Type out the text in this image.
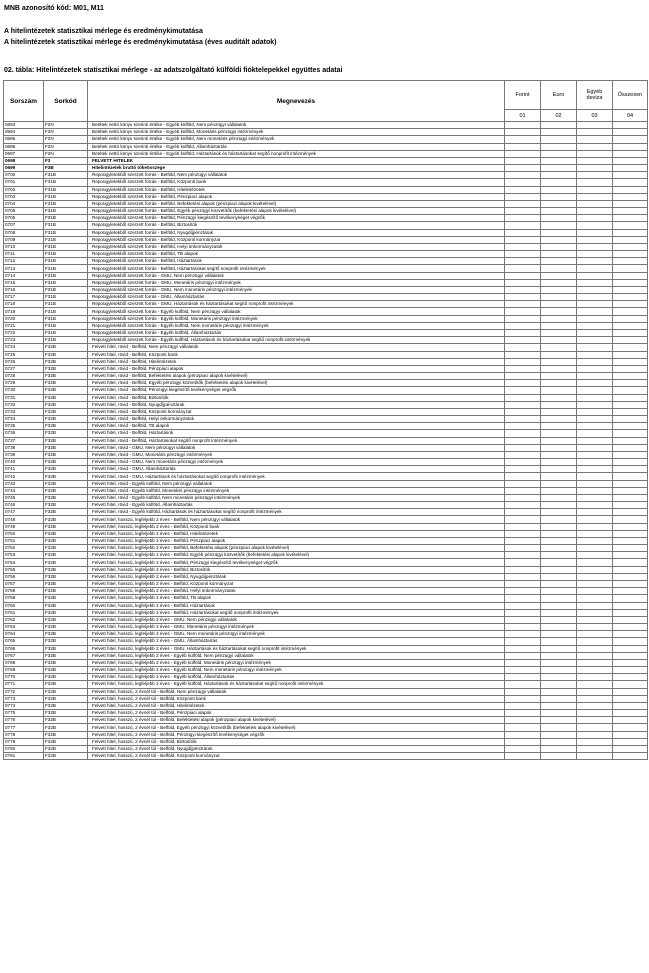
MNB azonosító kód: M01, M11
A hitelintézetek statisztikai mérlege és eredménykimutatása
A hitelintézetek statisztikai mérlege és eredménykimutatása (éves auditált adatok)
02. tábla: Hitelintézetek statisztikai mérlege - az adatszolgáltató külföldi fióktelepekkel együttes adatai
Sorszám	Sorkód	Megnevezés	Forint	Euro	Egyéb deviza	Összesen
			01	02	03	04
0693	F2N	Betétek nettó könyv szerinti értéke - Egyéb külföld, Nem pénzügyi vállalatok				
0694	F2N	Betétek nettó könyv szerinti értéke - Egyéb külföld, Monetáris pénzügyi intézmények				
0695	F2N	Betétek nettó könyv szerinti értéke - Egyéb külföld, Nem monetáris pénzügyi intézmények				
0696	F2N	Betétek nettó könyv szerinti értéke - Egyéb külföld, Államháztartás				
0697	F2N	Betétek nettó könyv szerinti értéke - Egyéb külföld, Háztartások és háztartásokat segítő nonprofit intézmények				
0698	F3	FELVETT HITELEK				
0699	F3B	Hitelintézetek bruttó tőkeösszege				
0700	F31B	Repoügyletekből szerzett forrás - Belföld, Nem pénzügyi vállalatok				
0701	F31B	Repoügyletekből szerzett forrás - Belföld, Központi bank				
0702	F31B	Repoügyletekből szerzett forrás - Belföld, Hitelintézetek				
0703	F31B	Repoügyletekből szerzett forrás - Belföld, Pénzpiaci alapok				
0704	F31B	Repoügyletekből szerzett forrás - Belföld, Befektetési alapok (pénzpiaci alapok kivételével)				
0705	F31B	Repoügyletekből szerzett forrás - Belföld, Egyéb pénzügyi közvetítők (befektetési alapok kivételével)				
0706	F31B	Repoügyletekből szerzett forrás - Belföld, Pénzügyi kiegészítő tevékenységet végzők				
0707	F31B	Repoügyletekből szerzett forrás - Belföld, Biztosítók				
0708	F31B	Repoügyletekből szerzett forrás - Belföld, Nyugdíjpénztárak				
0709	F31B	Repoügyletekből szerzett forrás - Belföld, Központi kormányzat				
0710	F31B	Repoügyletekből szerzett forrás - Belföld, Helyi önkormányzatok				
0711	F31B	Repoügyletekből szerzett forrás - Belföld, TB alapok				
0712	F31B	Repoügyletekből szerzett forrás - Belföld, Háztartások				
0713	F31B	Repoügyletekből szerzett forrás - Belföld, Háztartásokat segítő nonprofit intézmények				
0714	F31B	Repoügyletekből szerzett forrás - GMU, Nem pénzügyi vállalatok				
0715	F31B	Repoügyletekből szerzett forrás - GMU, Monetáris pénzügyi intézmények				
0716	F31B	Repoügyletekből szerzett forrás - GMU, Nem monetáris pénzügyi intézmények				
0717	F31B	Repoügyletekből szerzett forrás - GMU, Államháztartás				
0718	F31B	Repoügyletekből szerzett forrás - GMU, Háztartások és háztartásokat segítő nonprofit intézmények				
0719	F31B	Repoügyletekből szerzett forrás - Egyéb külföld, Nem pénzügyi vállalatok				
0720	F31B	Repoügyletekből szerzett forrás - Egyéb külföld, Monetáris pénzügyi intézmények				
0721	F31B	Repoügyletekből szerzett forrás - Egyéb külföld, Nem monetáris pénzügyi intézmények				
0722	F31B	Repoügyletekből szerzett forrás - Egyéb külföld, Államháztartás				
0723	F31B	Repoügyletekből szerzett forrás - Egyéb külföld, Háztartások és háztartásokat segítő nonprofit intézmények				
0724	F32B	Felvett hitel, rövid - Belföld, Nem pénzügyi vállalatok				
0725	F32B	Felvett hitel, rövid - Belföld, Központi bank				
0726	F32B	Felvett hitel, rövid - Belföld, Hitelintézetek				
0727	F32B	Felvett hitel, rövid - Belföld, Pénzpiaci alapok				
0728	F32B	Felvett hitel, rövid - Belföld, Befektetési alapok (pénzpiaci alapok kivételével)				
0729	F32B	Felvett hitel, rövid - Belföld, Egyéb pénzügyi közvetítők (befektetési alapok kivételével)				
0730	F32B	Felvett hitel, rövid - Belföld, Pénzügyi kiegészítő tevékenységet végzők				
0731	F32B	Felvett hitel, rövid - Belföld, Biztosítók				
0732	F32B	Felvett hitel, rövid - Belföld, Nyugdíjpénztárak				
0733	F32B	Felvett hitel, rövid - Belföld, Központi kormányzat				
0734	F32B	Felvett hitel, rövid - Belföld, Helyi önkormányzatok				
0735	F32B	Felvett hitel, rövid - Belföld, TB alapok				
0736	F32B	Felvett hitel, rövid - Belföld, Háztartások				
0737	F32B	Felvett hitel, rövid - Belföld, Háztartásokat segítő nonprofit intézmények				
0738	F32B	Felvett hitel, rövid - GMU, Nem pénzügyi vállalatok				
0739	F32B	Felvett hitel, rövid - GMU, Monetáris pénzügyi intézmények				
0740	F32B	Felvett hitel, rövid - GMU, Nem monetáris pénzügyi intézmények				
0741	F32B	Felvett hitel, rövid - GMU, Államháztartás				
0742	F32B	Felvett hitel, rövid - GMU, Háztartások és háztartásokat segítő nonprofit intézmények				
0743	F32B	Felvett hitel, rövid - Egyéb külföld, Nem pénzügyi vállalatok				
0744	F32B	Felvett hitel, rövid - Egyéb külföld, Monetáris pénzügyi intézmények				
0745	F32B	Felvett hitel, rövid - Egyéb külföld, Nem monetáris pénzügyi intézmények				
0746	F32B	Felvett hitel, rövid - Egyéb külföld, Államháztartás				
0747	F32B	Felvett hitel, rövid - Egyéb külföld, Háztartások és háztartásokat segítő nonprofit intézmények				
0748	F32B	Felvett hitel, hosszú, legfeljebb 2 éves - Belföld, Nem pénzügyi vállalatok				
0749	F32B	Felvett hitel, hosszú, legfeljebb 2 éves - Belföld, Központi bank				
0750	F32B	Felvett hitel, hosszú, legfeljebb 2 éves - Belföld, Hitelintézetek				
0751	F32B	Felvett hitel, hosszú, legfeljebb 2 éves - Belföld, Pénzpiaci alapok				
0752	F32B	Felvett hitel, hosszú, legfeljebb 2 éves - Belföld, Befektetési alapok (pénzpiaci alapok kivételével)				
0753	F32B	Felvett hitel, hosszú, legfeljebb 2 éves - Belföld, Egyéb pénzügyi közvetítők (befektetési alapok kivételével)				
0754	F32B	Felvett hitel, hosszú, legfeljebb 2 éves - Belföld, Pénzügyi kiegészítő tevékenységet végzők				
0755	F32B	Felvett hitel, hosszú, legfeljebb 2 éves - Belföld, Biztosítók				
0756	F32B	Felvett hitel, hosszú, legfeljebb 2 éves - Belföld, Nyugdíjpénztárak				
0757	F32B	Felvett hitel, hosszú, legfeljebb 2 éves - Belföld, Központi kormányzat				
0758	F32B	Felvett hitel, hosszú, legfeljebb 2 éves - Belföld, Helyi önkormányzatok				
0759	F32B	Felvett hitel, hosszú, legfeljebb 2 éves - Belföld, TB alapok				
0760	F32B	Felvett hitel, hosszú, legfeljebb 2 éves - Belföld, Háztartások				
0761	F32B	Felvett hitel, hosszú, legfeljebb 2 éves - Belföld, Háztartásokat segítő nonprofit intézmények				
0762	F32B	Felvett hitel, hosszú, legfeljebb 2 éves - GMU, Nem pénzügyi vállalatok				
0763	F32B	Felvett hitel, hosszú, legfeljebb 2 éves - GMU, Monetáris pénzügyi intézmények				
0764	F32B	Felvett hitel, hosszú, legfeljebb 2 éves - GMU, Nem monetáris pénzügyi intézmények				
0765	F32B	Felvett hitel, hosszú, legfeljebb 2 éves - GMU, Államháztartás				
0766	F32B	Felvett hitel, hosszú, legfeljebb 2 éves - GMU, Háztartások és háztartásokat segítő nonprofit intézmények				
0767	F32B	Felvett hitel, hosszú, legfeljebb 2 éves - Egyéb külföld, Nem pénzügyi vállalatok				
0768	F32B	Felvett hitel, hosszú, legfeljebb 2 éves - Egyéb külföld, Monetáris pénzügyi intézmények				
0769	F32B	Felvett hitel, hosszú, legfeljebb 2 éves - Egyéb külföld, Nem monetáris pénzügyi intézmények				
0770	F32B	Felvett hitel, hosszú, legfeljebb 2 éves - Egyéb külföld, Államháztartás				
0771	F32B	Felvett hitel, hosszú, legfeljebb 2 éves - Egyéb külföld, Háztartások és háztartásokat segítő nonprofit intézmények				
0772	F32B	Felvett hitel, hosszú, 2 évnél túl - Belföld, Nem pénzügyi vállalatok				
0773	F32B	Felvett hitel, hosszú, 2 évnél túl - Belföld, Központi bank				
0774	F32B	Felvett hitel, hosszú, 2 évnél túl - Belföld, Hitelintézetek				
0775	F32B	Felvett hitel, hosszú, 2 évnél túl - Belföld, Pénzpiaci alapok				
0776	F32B	Felvett hitel, hosszú, 2 évnél túl - Belföld, Befektetési alapok (pénzpiaci alapok kivételével)				
0777	F32B	Felvett hitel, hosszú, 2 évnél túl - Belföld, Egyéb pénzügyi közvetítők (befektetési alapok kivételével)				
0778	F32B	Felvett hitel, hosszú, 2 évnél túl - Belföld, Pénzügyi kiegészítő tevékenységet végzők				
0779	F32B	Felvett hitel, hosszú, 2 évnél túl - Belföld, Biztosítók				
0780	F32B	Felvett hitel, hosszú, 2 évnél túl - Belföld, Nyugdíjpénztárak				
0781	F32B	Felvett hitel, hosszú, 2 évnél túl - Belföld, Központi kormányzat				
